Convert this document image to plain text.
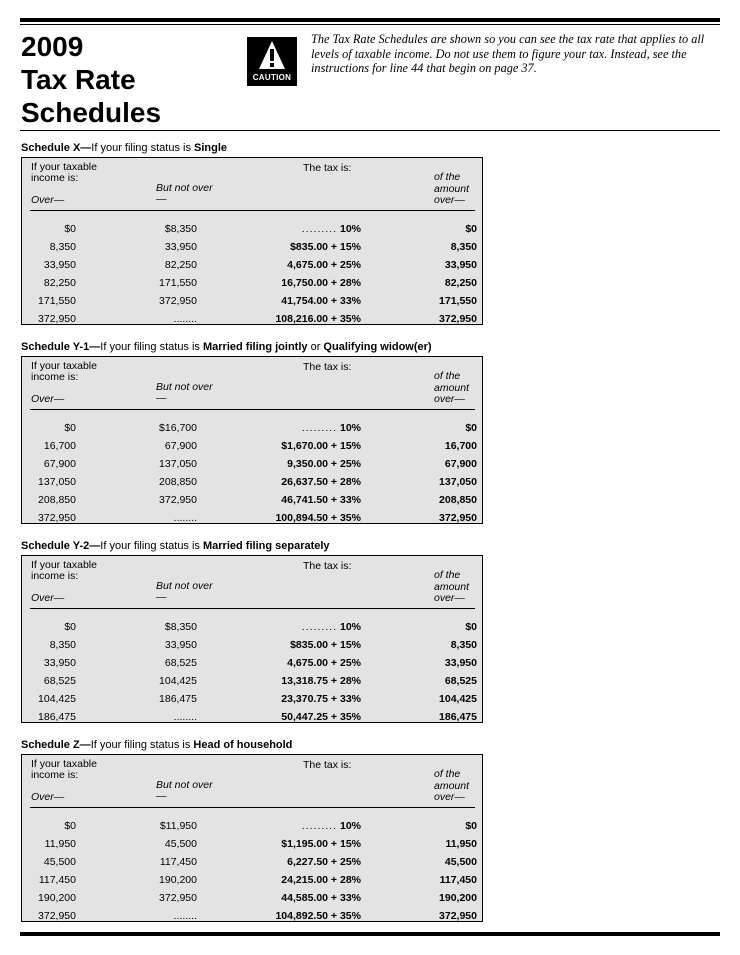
2009
Tax Rate
Schedules
CAUTION

The Tax Rate Schedules are shown so you can see the tax rate that applies to all levels of taxable income. Do not use them to figure your tax. Instead, see the instructions for line 44 that begin on page 37.

Schedule X—If your filing status is Single
If your taxable income is:
The tax is:
Over—
But not over—
of the amount over—
$0	$8,350	......... 10%	$0
8,350	33,950	$835.00 + 15%	8,350
33,950	82,250	4,675.00 + 25%	33,950
82,250	171,550	16,750.00 + 28%	82,250
171,550	372,950	41,754.00 + 33%	171,550
372,950	........	108,216.00 + 35%	372,950
Schedule Y-1—If your filing status is Married filing jointly or Qualifying widow(er)
If your taxable income is:
The tax is:
Over—
But not over—
of the amount over—
$0	$16,700	......... 10%	$0
16,700	67,900	$1,670.00 + 15%	16,700
67,900	137,050	9,350.00 + 25%	67,900
137,050	208,850	26,637.50 + 28%	137,050
208,850	372,950	46,741.50 + 33%	208,850
372,950	........	100,894.50 + 35%	372,950
Schedule Y-2—If your filing status is Married filing separately
If your taxable income is:
The tax is:
Over—
But not over—
of the amount over—
$0	$8,350	......... 10%	$0
8,350	33,950	$835.00 + 15%	8,350
33,950	68,525	4,675.00 + 25%	33,950
68,525	104,425	13,318.75 + 28%	68,525
104,425	186,475	23,370.75 + 33%	104,425
186,475	........	50,447.25 + 35%	186,475
Schedule Z—If your filing status is Head of household
If your taxable income is:
The tax is:
Over—
But not over—
of the amount over—
$0	$11,950	......... 10%	$0
11,950	45,500	$1,195.00 + 15%	11,950
45,500	117,450	6,227.50 + 25%	45,500
117,450	190,200	24,215.00 + 28%	117,450
190,200	372,950	44,585.00 + 33%	190,200
372,950	........	104,892.50 + 35%	372,950
